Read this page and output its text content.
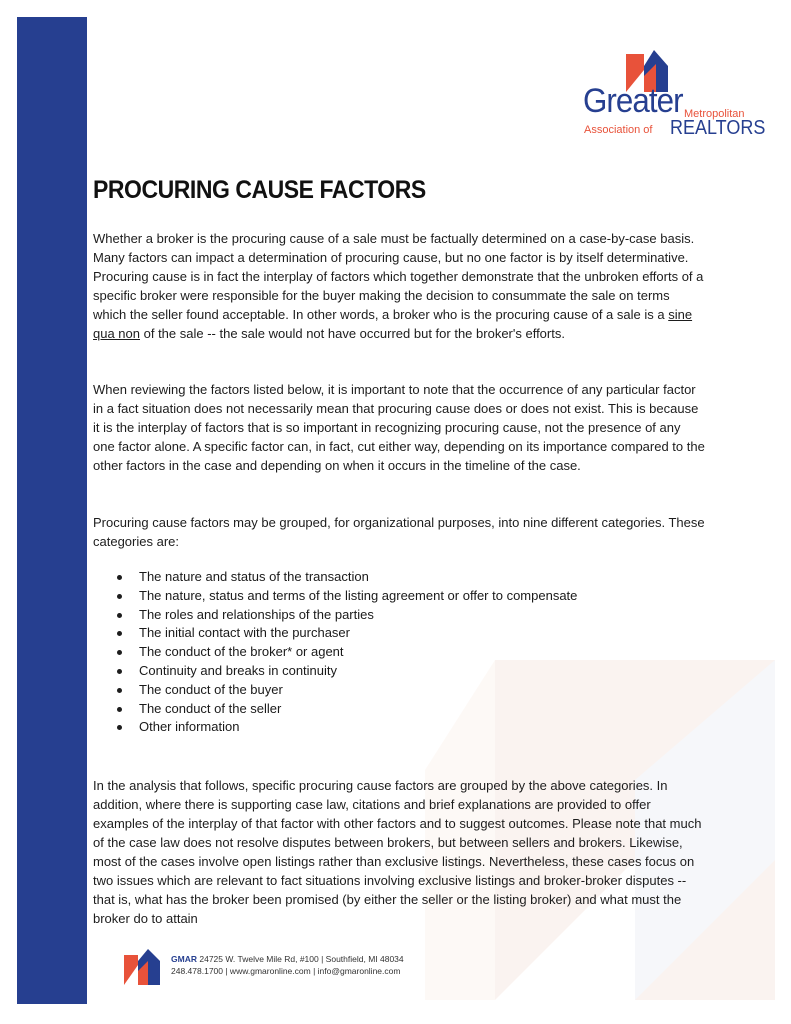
Greater Metropolitan
Association of REALTORS
PROCURING CAUSE FACTORS

Whether a broker is the procuring cause of a sale must be factually determined on a case-by-case basis. Many factors can impact a determination of procuring cause, but no one factor is by itself determinative. Procuring cause is in fact the interplay of factors which together demonstrate that the unbroken efforts of a specific broker were responsible for the buyer making the decision to consummate the sale on terms which the seller found acceptable. In other words, a broker who is the procuring cause of a sale is a sine qua non of the sale -- the sale would not have occurred but for the broker's efforts.

When reviewing the factors listed below, it is important to note that the occurrence of any particular factor in a fact situation does not necessarily mean that procuring cause does or does not exist. This is because it is the interplay of factors that is so important in recognizing procuring cause, not the presence of any one factor alone. A specific factor can, in fact, cut either way, depending on its importance compared to the other factors in the case and depending on when it occurs in the timeline of the case.

Procuring cause factors may be grouped, for organizational purposes, into nine different categories. These categories are:

The nature and status of the transaction
The nature, status and terms of the listing agreement or offer to compensate
The roles and relationships of the parties
The initial contact with the purchaser
The conduct of the broker* or agent
Continuity and breaks in continuity
The conduct of the buyer
The conduct of the seller
Other information

In the analysis that follows, specific procuring cause factors are grouped by the above categories. In addition, where there is supporting case law, citations and brief explanations are provided to offer examples of the interplay of that factor with other factors and to suggest outcomes. Please note that much of the case law does not resolve disputes between brokers, but between sellers and brokers. Likewise, most of the cases involve open listings rather than exclusive listings. Nevertheless, these cases focus on two issues which are relevant to fact situations involving exclusive listings and broker-broker disputes -- that is, what has the broker been promised (by either the seller or the listing broker) and what must the broker do to attain

GMAR 24725 W. Twelve Mile Rd, #100 | Southfield, MI 48034
248.478.1700 | www.gmaronline.com | info@gmaronline.com
